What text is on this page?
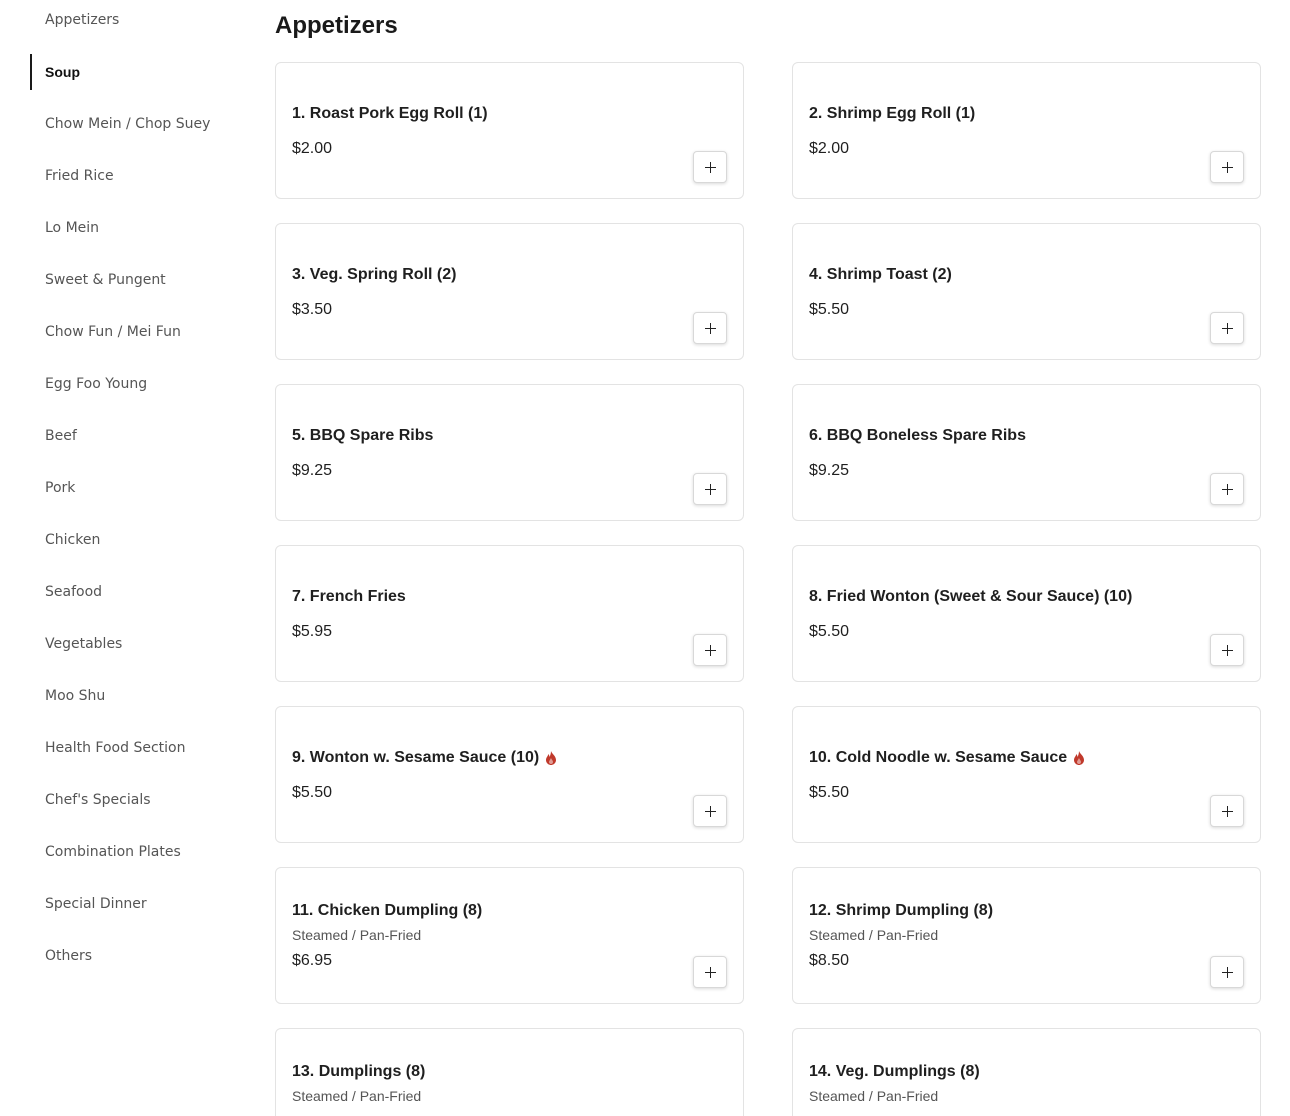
Appetizers
Soup
Chow Mein / Chop Suey
Fried Rice
Lo Mein
Sweet & Pungent
Chow Fun / Mei Fun
Egg Foo Young
Beef
Pork
Chicken
Seafood
Vegetables
Moo Shu
Health Food Section
Chef's Specials
Combination Plates
Special Dinner
Others
Appetizers
1. Roast Pork Egg Roll (1)
$2.00
2. Shrimp Egg Roll (1)
$2.00
3. Veg. Spring Roll (2)
$3.50
4. Shrimp Toast (2)
$5.50
5. BBQ Spare Ribs
$9.25
6. BBQ Boneless Spare Ribs
$9.25
7. French Fries
$5.95
8. Fried Wonton (Sweet & Sour Sauce) (10)
$5.50
9. Wonton w. Sesame Sauce (10)
$5.50
10. Cold Noodle w. Sesame Sauce
$5.50
11. Chicken Dumpling (8)
Steamed / Pan-Fried
$6.95
12. Shrimp Dumpling (8)
Steamed / Pan-Fried
$8.50
13. Dumplings (8)
Steamed / Pan-Fried
14. Veg. Dumplings (8)
Steamed / Pan-Fried
